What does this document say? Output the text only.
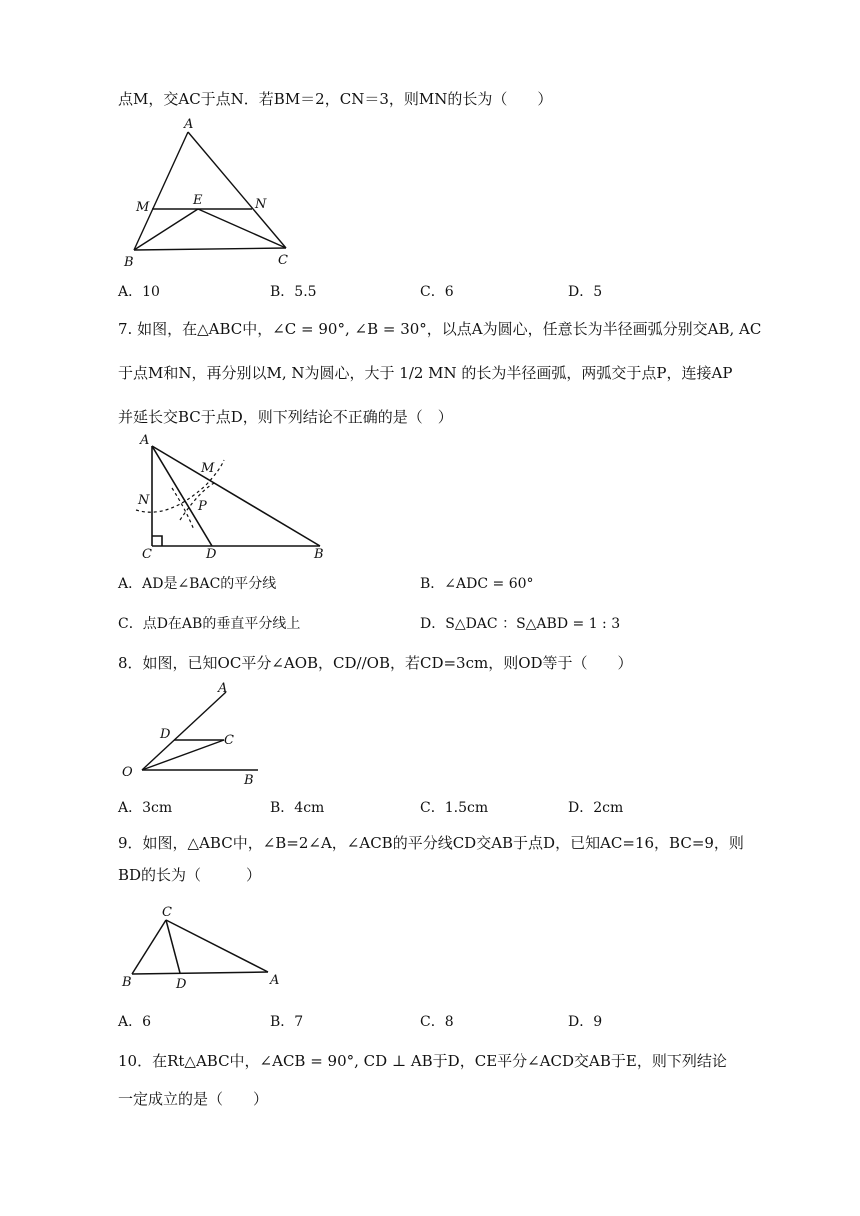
点M，交AC于点N．若BM＝2，CN＝3，则MN的长为（　　）
A
M	E	N
B	C
A．10	B．5.5	C．6	D．5
7. 如图，在△ABC中，∠C = 90°, ∠B = 30°，以点A为圆心，任意长为半径画弧分别交AB, AC
于点M和N，再分别以M, N为圆心，大于 1/2 MN 的长为半径画弧，两弧交于点P，连接AP
并延长交BC于点D，则下列结论不正确的是（　）
A
M
N	P
C	D	B
A．AD是∠BAC的平分线	B．∠ADC = 60°
C．点D在AB的垂直平分线上	D．S△DAC ：S△ABD = 1 : 3
8．如图，已知OC平分∠AOB，CD//OB，若CD=3cm，则OD等于（　　）
A
D	C
O
B
A．3cm	B．4cm	C．1.5cm	D．2cm
9．如图，△ABC中，∠B=2∠A，∠ACB的平分线CD交AB于点D，已知AC=16，BC=9，则
BD的长为（　　　）
C
B	D	A
A．6	B．7	C．8	D．9
10．在Rt△ABC中，∠ACB = 90°, CD ⊥ AB于D，CE平分∠ACD交AB于E，则下列结论
一定成立的是（　　）
